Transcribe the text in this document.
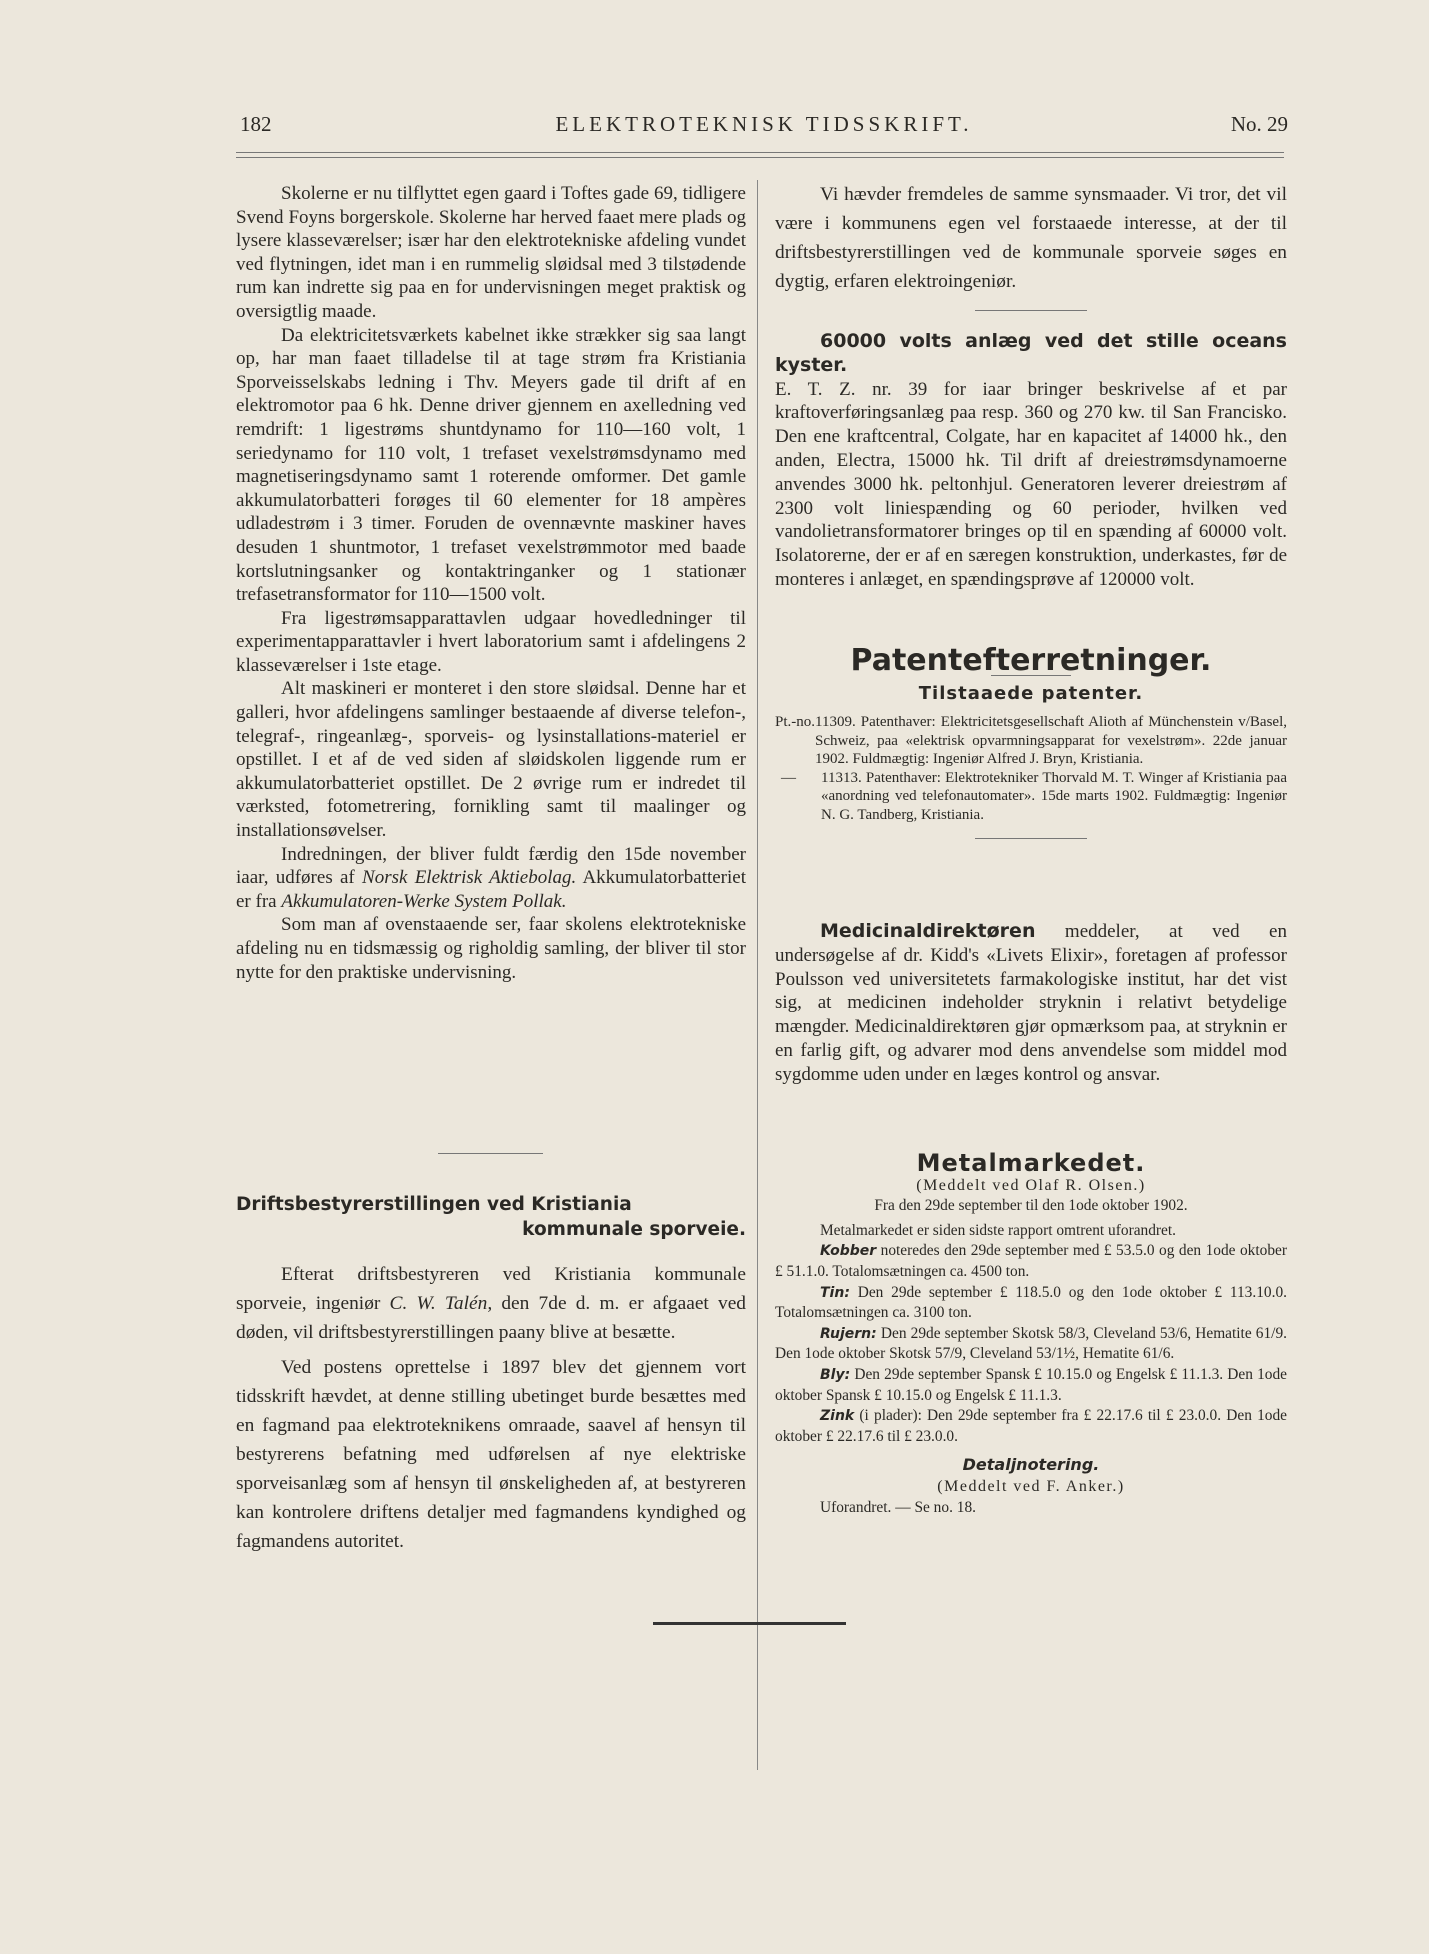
182	ELEKTROTEKNISK TIDSSKRIFT.	No. 29

Skolerne er nu tilflyttet egen gaard i Toftes gade 69, tidligere Svend Foyns borgerskole. Skolerne har herved faaet mere plads og lysere klasseværelser; især har den elektrotekniske afdeling vundet ved flytningen, idet man i en rummelig sløidsal med 3 tilstødende rum kan indrette sig paa en for undervisningen meget praktisk og oversigtlig maade.

Da elektricitetsværkets kabelnet ikke strækker sig saa langt op, har man faaet tilladelse til at tage strøm fra Kristiania Sporveisselskabs ledning i Thv. Meyers gade til drift af en elektromotor paa 6 hk. Denne driver gjennem en axelledning ved remdrift: 1 ligestrøms shuntdynamo for 110—160 volt, 1 seriedynamo for 110 volt, 1 trefaset vexelstrømsdynamo med magnetiseringsdynamo samt 1 roterende omformer. Det gamle akkumulatorbatteri forøges til 60 elementer for 18 ampères udladestrøm i 3 timer. Foruden de ovennævnte maskiner haves desuden 1 shuntmotor, 1 trefaset vexelstrømmotor med baade kortslutningsanker og kontaktringanker og 1 stationær trefasetransformator for 110—1500 volt.

Fra ligestrømsapparattavlen udgaar hovedledninger til experimentapparattavler i hvert laboratorium samt i afdelingens 2 klasseværelser i 1ste etage.

Alt maskineri er monteret i den store sløidsal. Denne har et galleri, hvor afdelingens samlinger bestaaende af diverse telefon-, telegraf-, ringeanlæg-, sporveis- og lysinstallations-materiel er opstillet. I et af de ved siden af sløidskolen liggende rum er akkumulatorbatteriet opstillet. De 2 øvrige rum er indredet til værksted, fotometrering, fornikling samt til maalinger og installationsøvelser.

Indredningen, der bliver fuldt færdig den 15de november iaar, udføres af Norsk Elektrisk Aktiebolag. Akkumulatorbatteriet er fra Akkumulatoren-Werke System Pollak.

Som man af ovenstaaende ser, faar skolens elektrotekniske afdeling nu en tidsmæssig og righoldig samling, der bliver til stor nytte for den praktiske undervisning.

Driftsbestyrerstillingen ved Kristiania
kommunale sporveie.

Efterat driftsbestyreren ved Kristiania kommunale sporveie, ingeniør C. W. Talén, den 7de d. m. er afgaaet ved døden, vil driftsbestyrerstillingen paany blive at besætte.

Ved postens oprettelse i 1897 blev det gjennem vort tidsskrift hævdet, at denne stilling ubetinget burde besættes med en fagmand paa elektroteknikens omraade, saavel af hensyn til bestyrerens befatning med udførelsen af nye elektriske sporveisanlæg som af hensyn til ønskeligheden af, at bestyreren kan kontrolere driftens detaljer med fagmandens kyndighed og fagmandens autoritet.

Vi hævder fremdeles de samme synsmaader. Vi tror, det vil være i kommunens egen vel forstaaede interesse, at der til driftsbestyrerstillingen ved de kommunale sporveie søges en dygtig, erfaren elektroingeniør.

60000 volts anlæg ved det stille oceans kyster.

E. T. Z. nr. 39 for iaar bringer beskrivelse af et par kraftoverføringsanlæg paa resp. 360 og 270 kw. til San Francisko. Den ene kraftcentral, Colgate, har en kapacitet af 14000 hk., den anden, Electra, 15000 hk. Til drift af dreiestrømsdynamoerne anvendes 3000 hk. peltonhjul. Generatoren leverer dreiestrøm af 2300 volt liniespænding og 60 perioder, hvilken ved vandolietransformatorer bringes op til en spænding af 60000 volt. Isolatorerne, der er af en særegen konstruktion, underkastes, før de monteres i anlæget, en spændingsprøve af 120000 volt.

Patentefterretninger.
Tilstaaede patenter.
Pt.-no. 11309. Patenthaver: Elektricitetsgesellschaft Alioth af Münchenstein v/Basel, Schweiz, paa «elektrisk opvarmningsapparat for vexelstrøm». 22de januar 1902. Fuldmægtig: Ingeniør Alfred J. Bryn, Kristiania.
—	11313. Patenthaver: Elektrotekniker Thorvald M. T. Winger af Kristiania paa «anordning ved telefonautomater». 15de marts 1902. Fuldmægtig: Ingeniør N. G. Tandberg, Kristiania.

Medicinaldirektøren meddeler, at ved en undersøgelse af dr. Kidd's «Livets Elixir», foretagen af professor Poulsson ved universitetets farmakologiske institut, har det vist sig, at medicinen indeholder stryknin i relativt betydelige mængder. Medicinaldirektøren gjør opmærksom paa, at stryknin er en farlig gift, og advarer mod dens anvendelse som middel mod sygdomme uden under en læges kontrol og ansvar.

Metalmarkedet.
(Meddelt ved Olaf R. Olsen.)
Fra den 29de september til den 1ode oktober 1902.

Metalmarkedet er siden sidste rapport omtrent uforandret.

Kobber noteredes den 29de september med £ 53.5.0 og den 1ode oktober £ 51.1.0. Totalomsætningen ca. 4500 ton.

Tin: Den 29de september £ 118.5.0 og den 1ode oktober £ 113.10.0. Totalomsætningen ca. 3100 ton.

Rujern: Den 29de september Skotsk 58/3, Cleveland 53/6, Hematite 61/9. Den 1ode oktober Skotsk 57/9, Cleveland 53/1½, Hematite 61/6.

Bly: Den 29de september Spansk £ 10.15.0 og Engelsk £ 11.1.3. Den 1ode oktober Spansk £ 10.15.0 og Engelsk £ 11.1.3.

Zink (i plader): Den 29de september fra £ 22.17.6 til £ 23.0.0. Den 1ode oktober £ 22.17.6 til £ 23.0.0.

Detaljnotering.
(Meddelt ved F. Anker.)

Uforandret. — Se no. 18.
